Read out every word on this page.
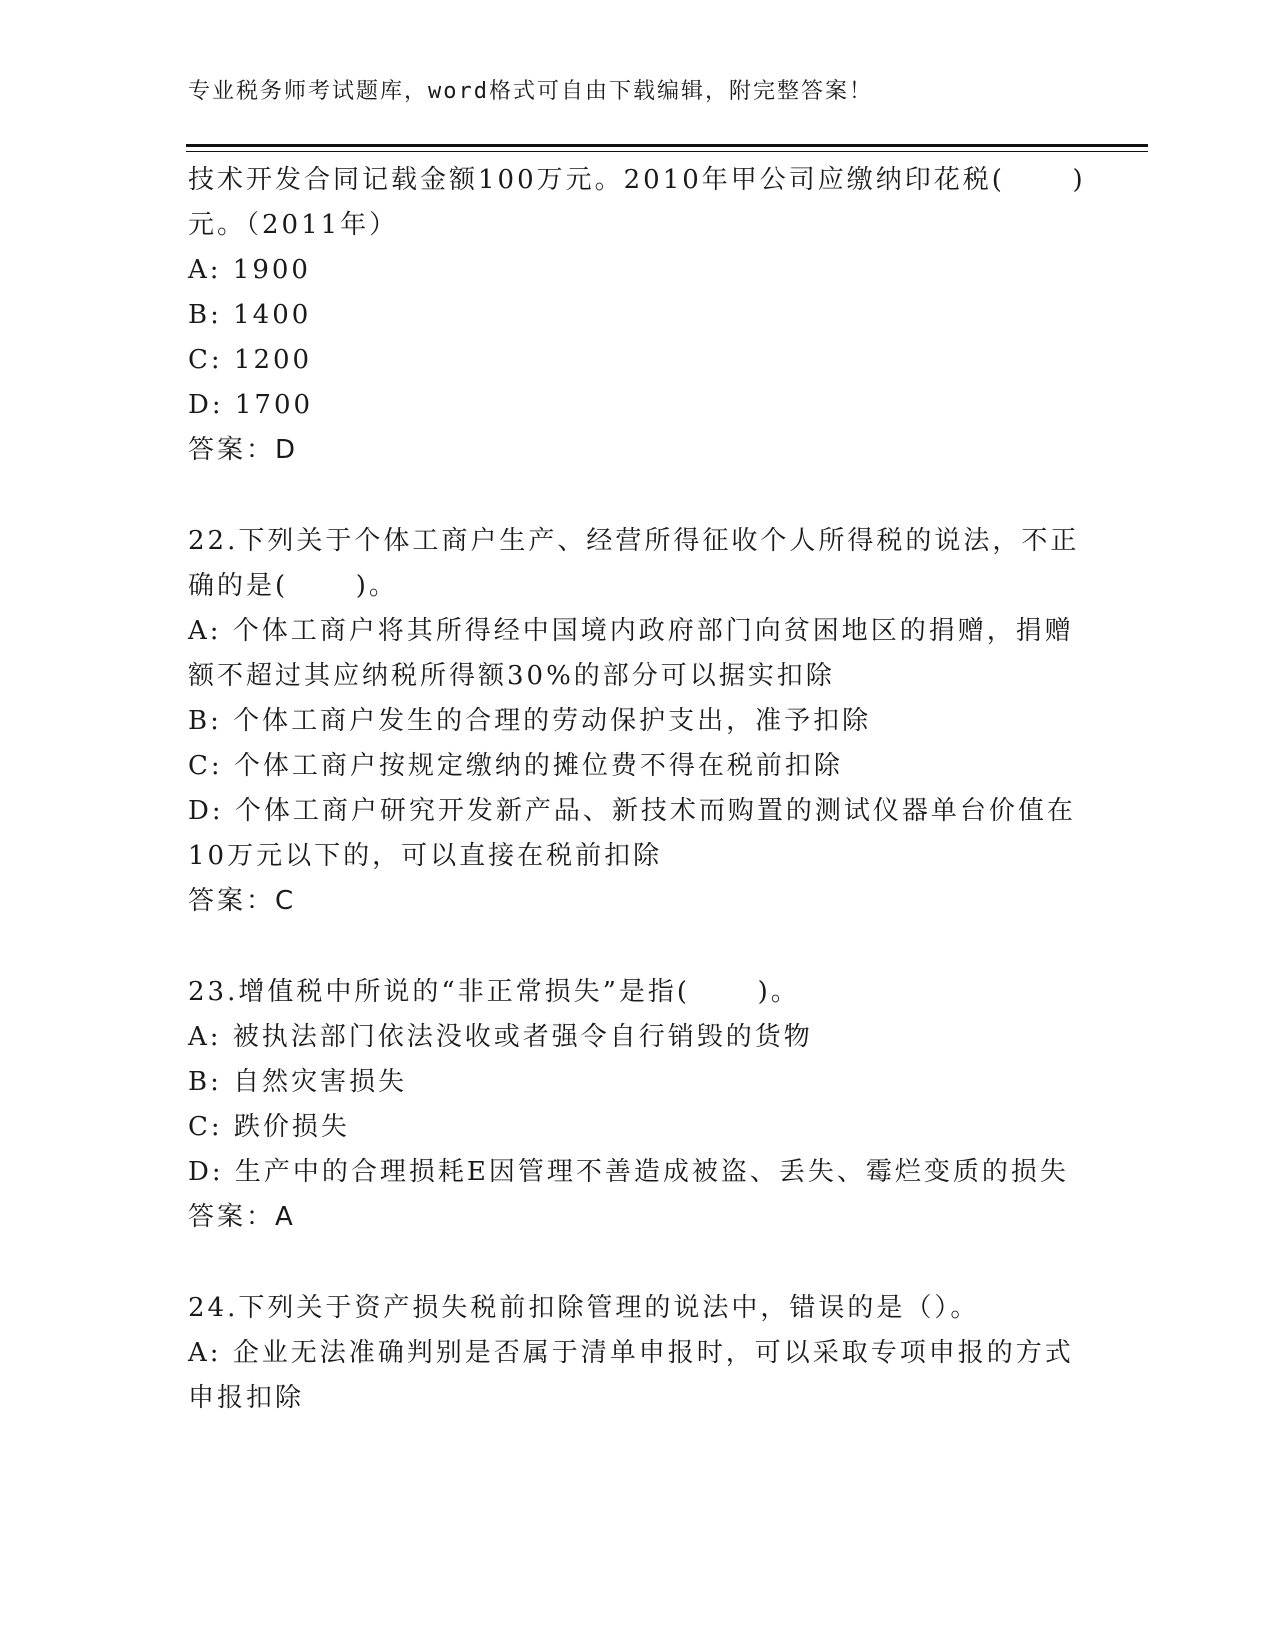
专业税务师考试题库，word格式可自由下载编辑，附完整答案！
技术开发合同记载金额100万元。2010年甲公司应缴纳印花税(      )
元。（2011年）
A: 1900
B: 1400
C: 1200
D: 1700
答案：D
22.下列关于个体工商户生产、经营所得征收个人所得税的说法，不正
确的是(      )。
A: 个体工商户将其所得经中国境内政府部门向贫困地区的捐赠，捐赠
额不超过其应纳税所得额30%的部分可以据实扣除
B: 个体工商户发生的合理的劳动保护支出，准予扣除
C: 个体工商户按规定缴纳的摊位费不得在税前扣除
D: 个体工商户研究开发新产品、新技术而购置的测试仪器单台价值在
10万元以下的，可以直接在税前扣除
答案：C
23.增值税中所说的“非正常损失”是指(      )。
A: 被执法部门依法没收或者强令自行销毁的货物
B: 自然灾害损失
C: 跌价损失
D: 生产中的合理损耗E因管理不善造成被盗、丢失、霉烂变质的损失
答案：A
24.下列关于资产损失税前扣除管理的说法中，错误的是（）。
A: 企业无法准确判别是否属于清单申报时，可以采取专项申报的方式
申报扣除
